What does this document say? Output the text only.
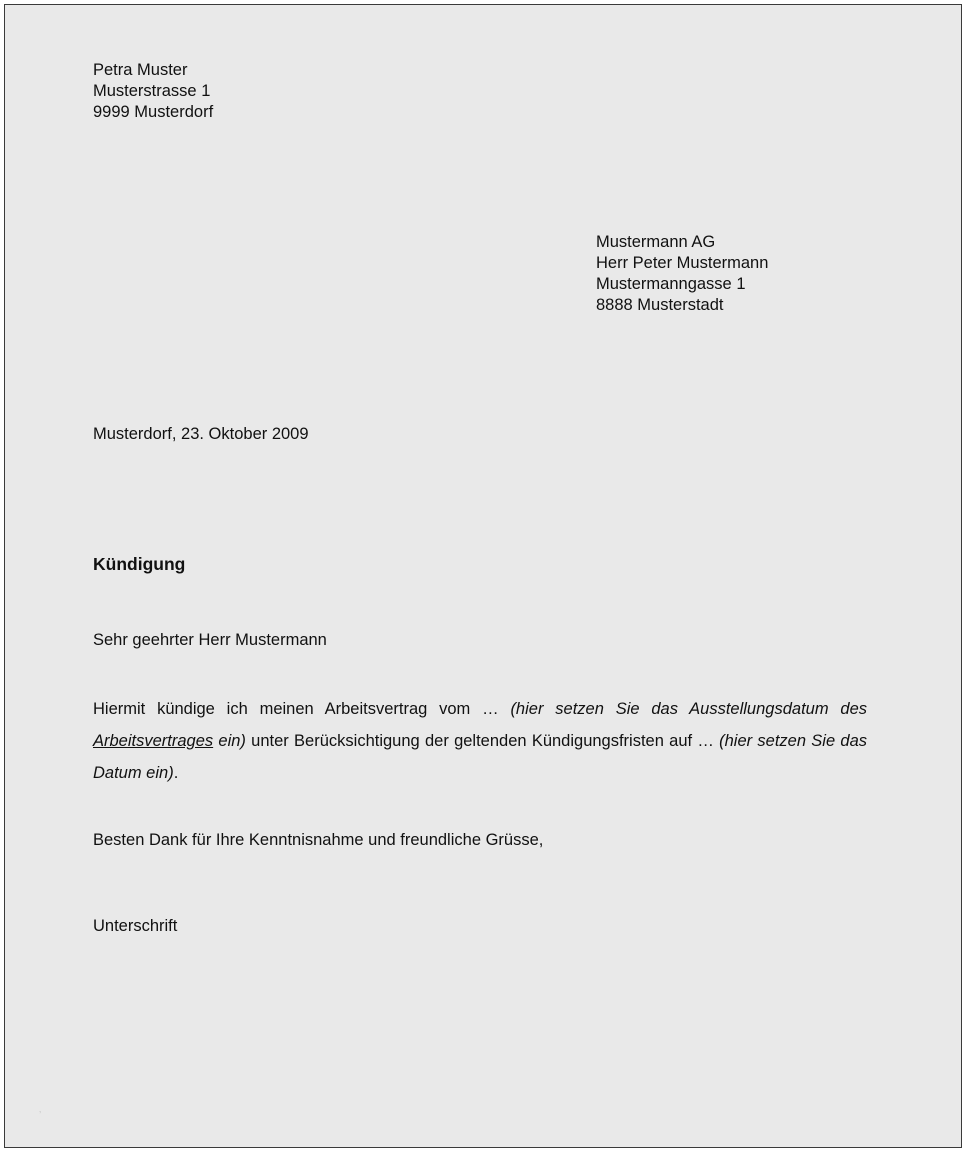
Petra Muster
Musterstrasse 1
9999 Musterdorf
Mustermann AG
Herr Peter Mustermann
Mustermanngasse 1
8888 Musterstadt
Musterdorf, 23. Oktober 2009
Kündigung
Sehr geehrter Herr Mustermann
Hiermit kündige ich meinen Arbeitsvertrag vom … (hier setzen Sie das Ausstellungsdatum des Arbeitsvertrages ein) unter Berücksichtigung der geltenden Kündigungsfristen auf … (hier setzen Sie das Datum ein).
Besten Dank für Ihre Kenntnisnahme und freundliche Grüsse,
Unterschrift
‚
